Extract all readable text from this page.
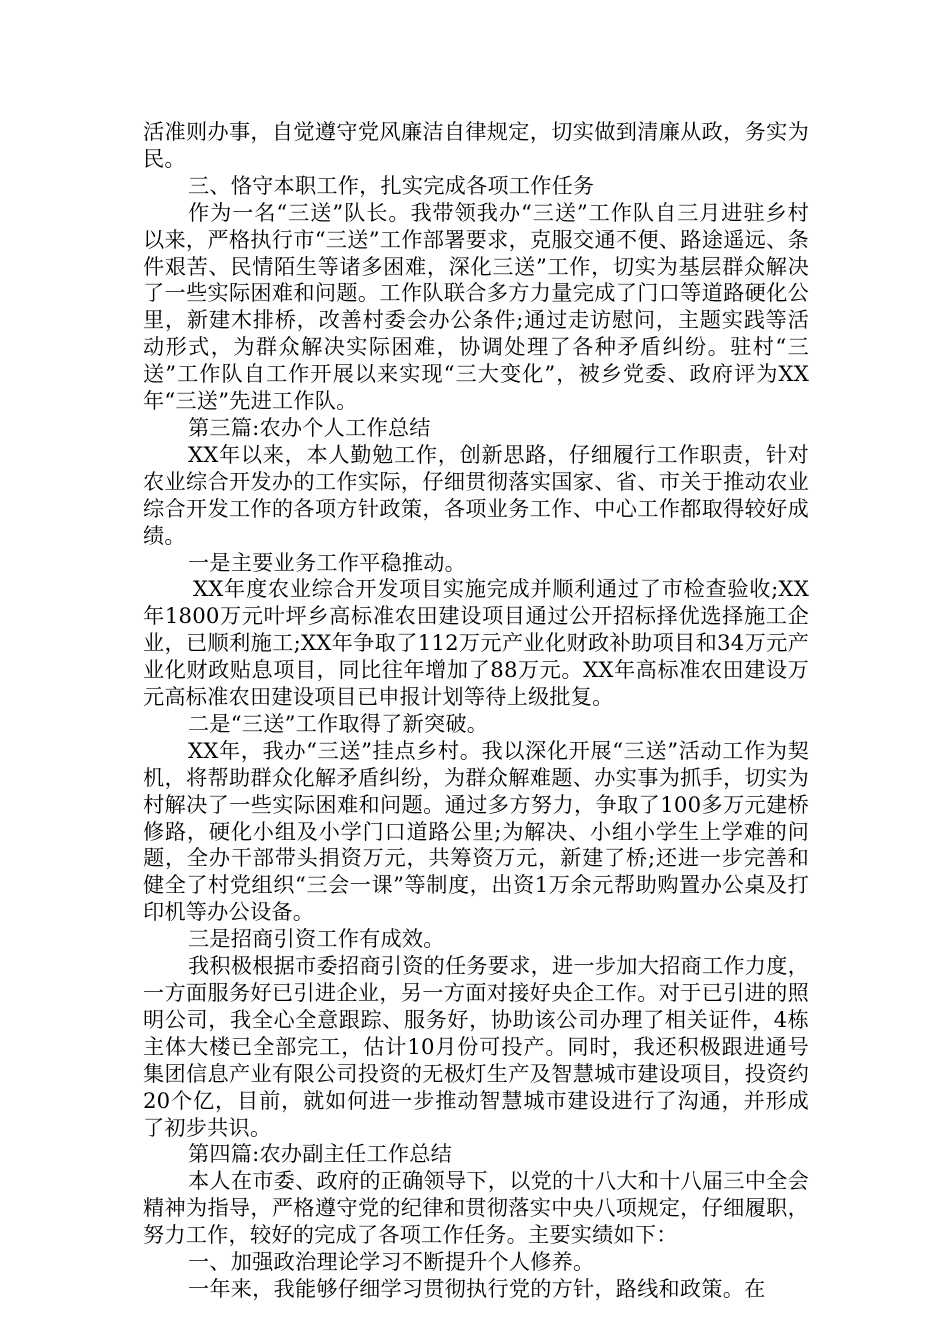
活准则办事，自觉遵守党风廉洁自律规定，切实做到清廉从政，务实为民。

三、恪守本职工作，扎实完成各项工作任务

作为一名“三送”队长。我带领我办“三送”工作队自三月进驻乡村以来，严格执行市“三送”工作部署要求，克服交通不便、路途遥远、条件艰苦、民情陌生等诸多困难，深化三送”工作，切实为基层群众解决了一些实际困难和问题。工作队联合多方力量完成了门口等道路硬化公里，新建木排桥，改善村委会办公条件;通过走访慰问，主题实践等活动形式，为群众解决实际困难，协调处理了各种矛盾纠纷。驻村“三送”工作队自工作开展以来实现“三大变化”，被乡党委、政府评为XX年“三送”先进工作队。

第三篇:农办个人工作总结

XX年以来，本人勤勉工作，创新思路，仔细履行工作职责，针对农业综合开发办的工作实际，仔细贯彻落实国家、省、市关于推动农业综合开发工作的各项方针政策，各项业务工作、中心工作都取得较好成绩。

一是主要业务工作平稳推动。

XX年度农业综合开发项目实施完成并顺利通过了市检查验收;XX年1800万元叶坪乡高标准农田建设项目通过公开招标择优选择施工企业，已顺利施工;XX年争取了112万元产业化财政补助项目和34万元产业化财政贴息项目，同比往年增加了88万元。XX年高标准农田建设万元高标准农田建设项目已申报计划等待上级批复。

二是“三送”工作取得了新突破。

XX年，我办“三送”挂点乡村。我以深化开展“三送”活动工作为契机，将帮助群众化解矛盾纠纷，为群众解难题、办实事为抓手，切实为村解决了一些实际困难和问题。通过多方努力，争取了100多万元建桥修路，硬化小组及小学门口道路公里;为解决、小组小学生上学难的问题，全办干部带头捐资万元，共筹资万元，新建了桥;还进一步完善和健全了村党组织“三会一课”等制度，出资1万余元帮助购置办公桌及打印机等办公设备。

三是招商引资工作有成效。

我积极根据市委招商引资的任务要求，进一步加大招商工作力度，一方面服务好已引进企业，另一方面对接好央企工作。对于已引进的照明公司，我全心全意跟踪、服务好，协助该公司办理了相关证件，4栋主体大楼已全部完工，估计10月份可投产。同时，我还积极跟进通号集团信息产业有限公司投资的无极灯生产及智慧城市建设项目，投资约20个亿，目前，就如何进一步推动智慧城市建设进行了沟通，并形成了初步共识。

第四篇:农办副主任工作总结

本人在市委、政府的正确领导下，以党的十八大和十八届三中全会精神为指导，严格遵守党的纪律和贯彻落实中央八项规定，仔细履职，努力工作，较好的完成了各项工作任务。主要实绩如下：

一、加强政治理论学习不断提升个人修养。

一年来，我能够仔细学习贯彻执行党的方针，路线和政策。在
